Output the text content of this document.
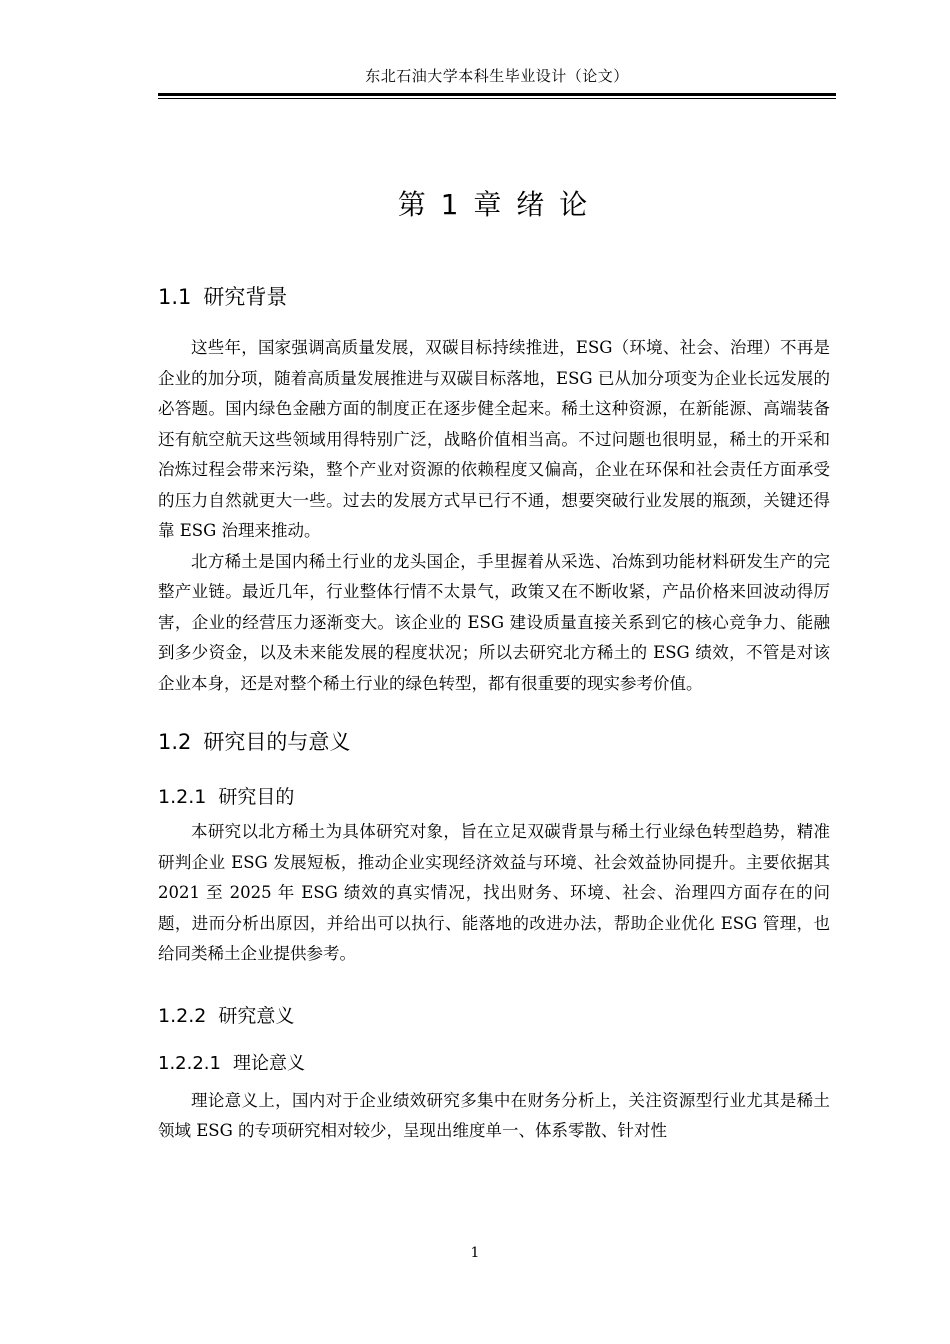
东北石油大学本科生毕业设计（论文）
第 1 章 绪 论
1.1 研究背景

这些年，国家强调高质量发展，双碳目标持续推进，ESG（环境、社会、治理）不再是企业的加分项，随着高质量发展推进与双碳目标落地，ESG 已从加分项变为企业长远发展的必答题。国内绿色金融方面的制度正在逐步健全起来。稀土这种资源，在新能源、高端装备还有航空航天这些领域用得特别广泛，战略价值相当高。不过问题也很明显，稀土的开采和冶炼过程会带来污染，整个产业对资源的依赖程度又偏高，企业在环保和社会责任方面承受的压力自然就更大一些。过去的发展方式早已行不通，想要突破行业发展的瓶颈，关键还得靠 ESG 治理来推动。

北方稀土是国内稀土行业的龙头国企，手里握着从采选、冶炼到功能材料研发生产的完整产业链。最近几年，行业整体行情不太景气，政策又在不断收紧，产品价格来回波动得厉害，企业的经营压力逐渐变大。该企业的 ESG 建设质量直接关系到它的核心竞争力、能融到多少资金，以及未来能发展的程度状况；所以去研究北方稀土的 ESG 绩效，不管是对该企业本身，还是对整个稀土行业的绿色转型，都有很重要的现实参考价值。

1.2 研究目的与意义
1.2.1 研究目的

本研究以北方稀土为具体研究对象，旨在立足双碳背景与稀土行业绿色转型趋势，精准研判企业 ESG 发展短板，推动企业实现经济效益与环境、社会效益协同提升。主要依据其 2021 至 2025 年 ESG 绩效的真实情况，找出财务、环境、社会、治理四方面存在的问题，进而分析出原因，并给出可以执行、能落地的改进办法，帮助企业优化 ESG 管理，也给同类稀土企业提供参考。

1.2.2 研究意义
1.2.2.1 理论意义

理论意义上，国内对于企业绩效研究多集中在财务分析上，关注资源型行业尤其是稀土领域 ESG 的专项研究相对较少，呈现出维度单一、体系零散、针对性

1
